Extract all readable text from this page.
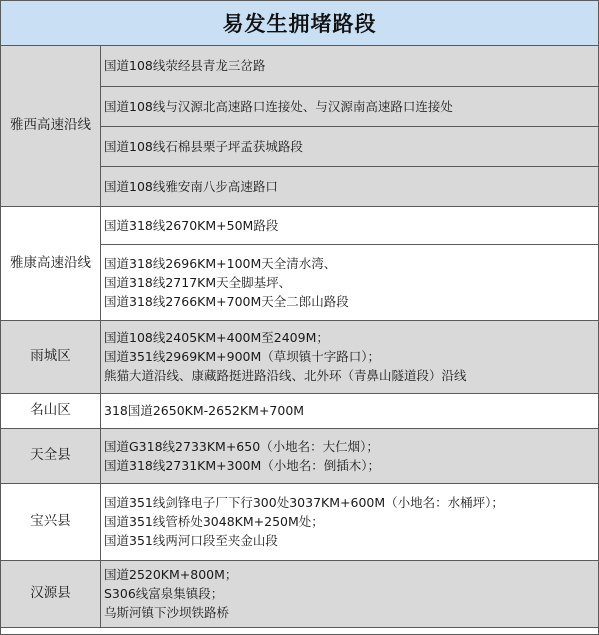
易发生拥堵路段
雅西高速沿线	国道108线荥经县青龙三岔路

	国道108线与汉源北高速路口连接处、与汉源南高速路口连接处

	国道108线石棉县栗子坪孟获城路段

	国道108线雅安南八步高速路口

雅康高速沿线	国道318线2670KM+50M路段

	国道318线2696KM+100M天全清水湾、
国道318线2717KM天全脚基坪、
国道318线2766KM+700M天全二郎山路段

雨城区	国道108线2405KM+400M至2409M；
国道351线2969KM+900M（草坝镇十字路口）；
熊猫大道沿线、康藏路挺进路沿线、北外环（青鼻山隧道段）沿线

名山区	318国道2650KM-2652KM+700M

天全县	国道G318线2733KM+650（小地名：大仁烟）；
国道318线2731KM+300M（小地名：倒插木）；

宝兴县	国道351线剑锋电子厂下行300处3037KM+600M（小地名：水桶坪）；
国道351线管桥处3048KM+250M处；
国道351线两河口段至夹金山段

汉源县	国道2520KM+800M；
S306线富泉集镇段；
乌斯河镇下沙坝铁路桥
